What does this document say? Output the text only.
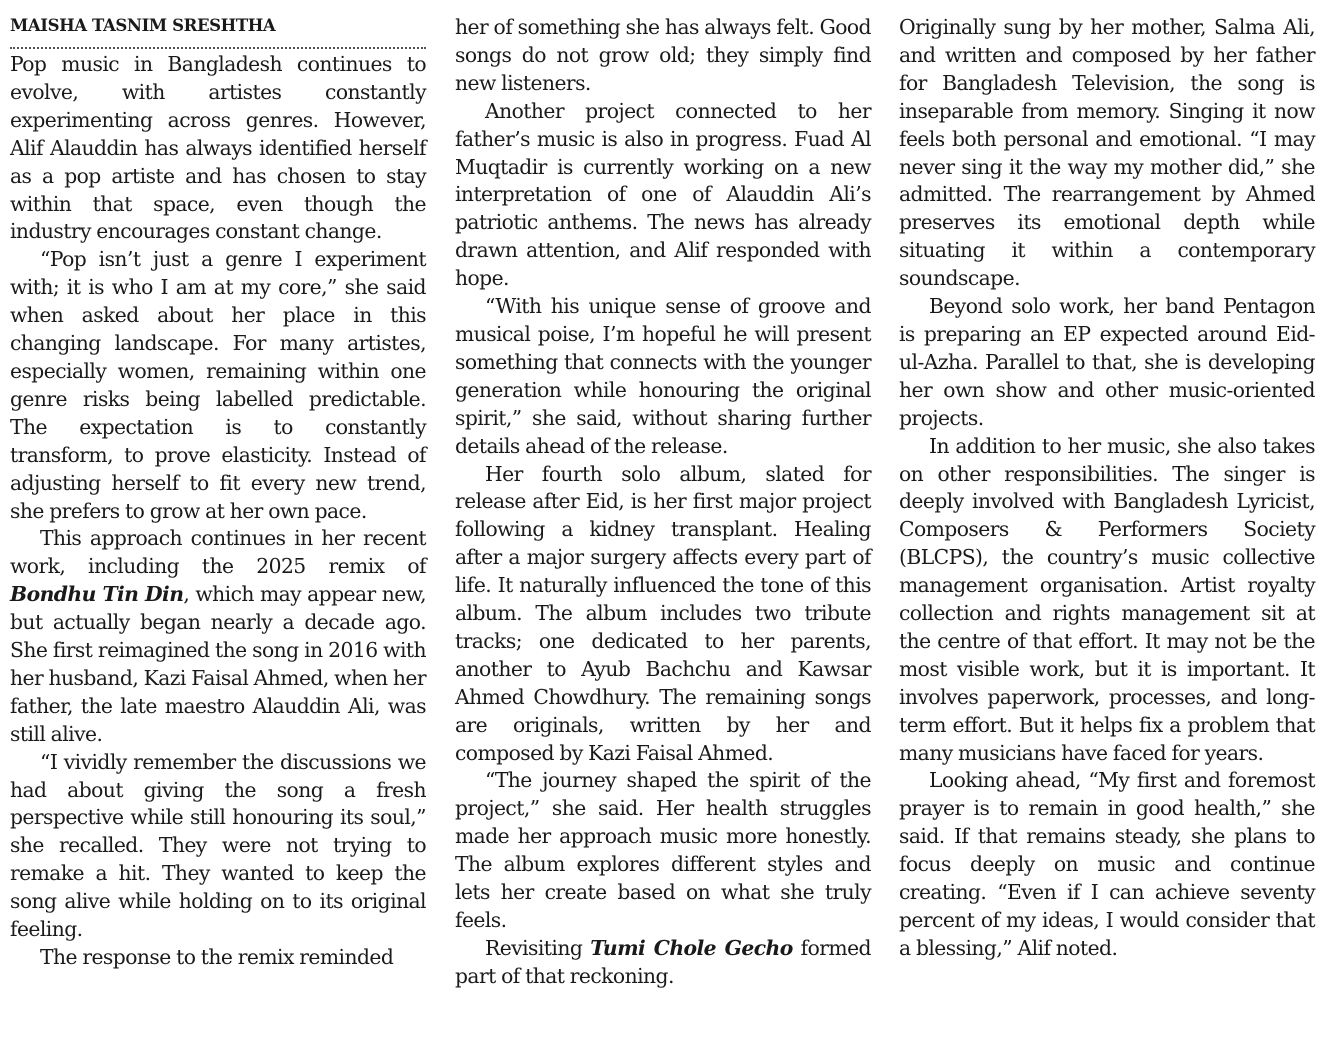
MAISHA TASNIM SRESHTHA

Pop music in Bangladesh continues to evolve, with artistes constantly experimenting across genres. However, Alif Alauddin has always identified herself as a pop artiste and has chosen to stay within that space, even though the industry encourages constant change.

“Pop isn’t just a genre I experiment with; it is who I am at my core,” she said when asked about her place in this changing landscape. For many artistes, especially women, remaining within one genre risks being labelled predictable. The expectation is to constantly transform, to prove elasticity. Instead of adjusting herself to fit every new trend, she prefers to grow at her own pace.

This approach continues in her recent work, including the 2025 remix of Bondhu Tin Din, which may appear new, but actually began nearly a decade ago. She first reimagined the song in 2016 with her husband, Kazi Faisal Ahmed, when her father, the late maestro Alauddin Ali, was still alive.

“I vividly remember the discussions we had about giving the song a fresh perspective while still honouring its soul,” she recalled. They were not trying to remake a hit. They wanted to keep the song alive while holding on to its original feeling.

The response to the remix reminded

her of something she has always felt. Good songs do not grow old; they simply find new listeners.

Another project connected to her father’s music is also in progress. Fuad Al Muqtadir is currently working on a new interpretation of one of Alauddin Ali’s patriotic anthems. The news has already drawn attention, and Alif responded with hope.

“With his unique sense of groove and musical poise, I’m hopeful he will present something that connects with the younger generation while honouring the original spirit,” she said, without sharing further details ahead of the release.

Her fourth solo album, slated for release after Eid, is her first major project following a kidney transplant. Healing after a major surgery affects every part of life. It naturally influenced the tone of this album. The album includes two tribute tracks; one dedicated to her parents, another to Ayub Bachchu and Kawsar Ahmed Chowdhury. The remaining songs are originals, written by her and composed by Kazi Faisal Ahmed.

“The journey shaped the spirit of the project,” she said. Her health struggles made her approach music more honestly. The album explores different styles and lets her create based on what she truly feels.

Revisiting Tumi Chole Gecho formed part of that reckoning.

Originally sung by her mother, Salma Ali, and written and composed by her father for Bangladesh Television, the song is inseparable from memory. Singing it now feels both personal and emotional. “I may never sing it the way my mother did,” she admitted. The rearrangement by Ahmed preserves its emotional depth while situating it within a contemporary soundscape.

Beyond solo work, her band Pentagon is preparing an EP expected around Eid-ul-Azha. Parallel to that, she is developing her own show and other music-oriented projects.

In addition to her music, she also takes on other responsibilities. The singer is deeply involved with Bangladesh Lyricist, Composers & Performers Society (BLCPS), the country’s music collective management organisation. Artist royalty collection and rights management sit at the centre of that effort. It may not be the most visible work, but it is important. It involves paperwork, processes, and long-term effort. But it helps fix a problem that many musicians have faced for years.

Looking ahead, “My first and foremost prayer is to remain in good health,” she said. If that remains steady, she plans to focus deeply on music and continue creating. “Even if I can achieve seventy percent of my ideas, I would consider that a blessing,” Alif noted.
